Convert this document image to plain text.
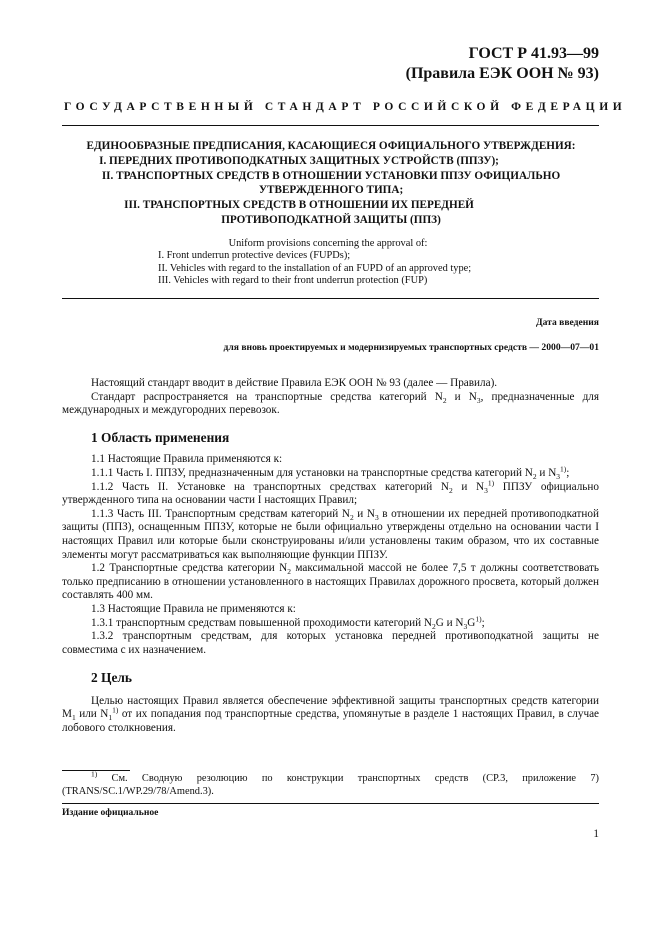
ГОСТ Р 41.93—99
(Правила ЕЭК ООН № 93)
ГОСУДАРСТВЕННЫЙ СТАНДАРТ РОССИЙСКОЙ ФЕДЕРАЦИИ
ЕДИНООБРАЗНЫЕ ПРЕДПИСАНИЯ, КАСАЮЩИЕСЯ ОФИЦИАЛЬНОГО УТВЕРЖДЕНИЯ:
I. ПЕРЕДНИХ ПРОТИВОПОДКАТНЫХ ЗАЩИТНЫХ УСТРОЙСТВ (ППЗУ);
II. ТРАНСПОРТНЫХ СРЕДСТВ В ОТНОШЕНИИ УСТАНОВКИ ППЗУ ОФИЦИАЛЬНО
УТВЕРЖДЕННОГО ТИПА;
III. ТРАНСПОРТНЫХ СРЕДСТВ В ОТНОШЕНИИ ИХ ПЕРЕДНЕЙ
ПРОТИВОПОДКАТНОЙ ЗАЩИТЫ (ППЗ)
Uniform provisions concerning the approval of:
I. Front underrun protective devices (FUPDs);
II. Vehicles with regard to the installation of an FUPD of an approved type;
III. Vehicles with regard to their front underrun protection (FUP)
Дата введения
для вновь проектируемых и модернизируемых транспортных средств — 2000—07—01

Настоящий стандарт вводит в действие Правила ЕЭК ООН № 93 (далее — Правила).

Стандарт распространяется на транспортные средства категорий $N_2$ и $N_3$, предназначенные для международных и междугородних перевозок.

1 Область применения

1.1 Настоящие Правила применяются к:

1.1.1 Часть I. ППЗУ, предназначенным для установки на транспортные средства категорий $N_2$ и $N_3^{1)}$;

1.1.2 Часть II. Установке на транспортных средствах категорий $N_2$ и $N_3^{1)}$ ППЗУ официально утвержденного типа на основании части I настоящих Правил;

1.1.3 Часть III. Транспортным средствам категорий $N_2$ и $N_3$ в отношении их передней противоподкатной защиты (ППЗ), оснащенным ППЗУ, которые не были официально утверждены отдельно на основании части I настоящих Правил или которые были сконструированы и/или установлены таким образом, что их составные элементы могут рассматриваться как выполняющие функции ППЗУ.

1.2 Транспортные средства категории $N_2$ максимальной массой не более 7,5 т должны соответствовать только предписанию в отношении установленного в настоящих Правилах дорожного просвета, который должен составлять 400 мм.

1.3 Настоящие Правила не применяются к:

1.3.1 транспортным средствам повышенной проходимости категорий $N_2G$ и $N_3G^{1)}$;

1.3.2 транспортным средствам, для которых установка передней противоподкатной защиты не совместима с их назначением.

2 Цель

Целью настоящих Правил является обеспечение эффективной защиты транспортных средств категории $M_1$ или $N_1^{1)}$ от их попадания под транспортные средства, упомянутые в разделе 1 настоящих Правил, в случае лобового столкновения.

$^{1)}$ См. Сводную резолюцию по конструкции транспортных средств (СР.3, приложение 7) (TRANS/SC.1/WP.29/78/Amend.3).
Издание официальное
1
